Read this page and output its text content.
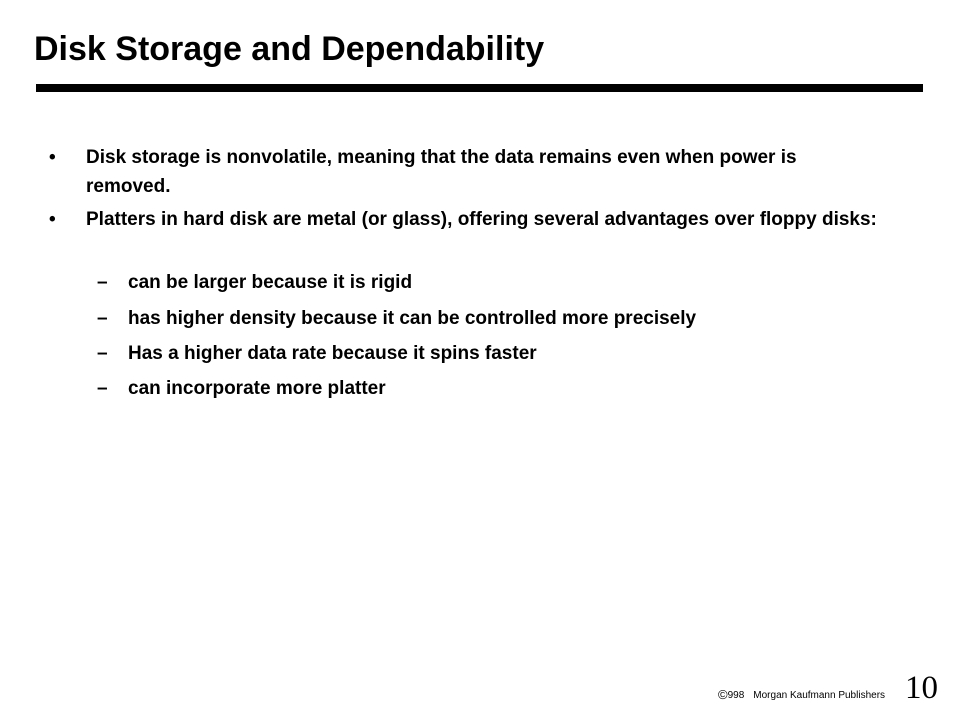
Disk Storage and Dependability
• Disk storage is nonvolatile, meaning that the data remains even when power is removed.
• Platters in hard disk are metal (or glass), offering several advantages over floppy disks:
– can be larger because it is rigid
– has higher density because it can be controlled more precisely
– Has a higher data rate because it spins faster
– can incorporate more platter
©998 Morgan Kaufmann Publishers 10
